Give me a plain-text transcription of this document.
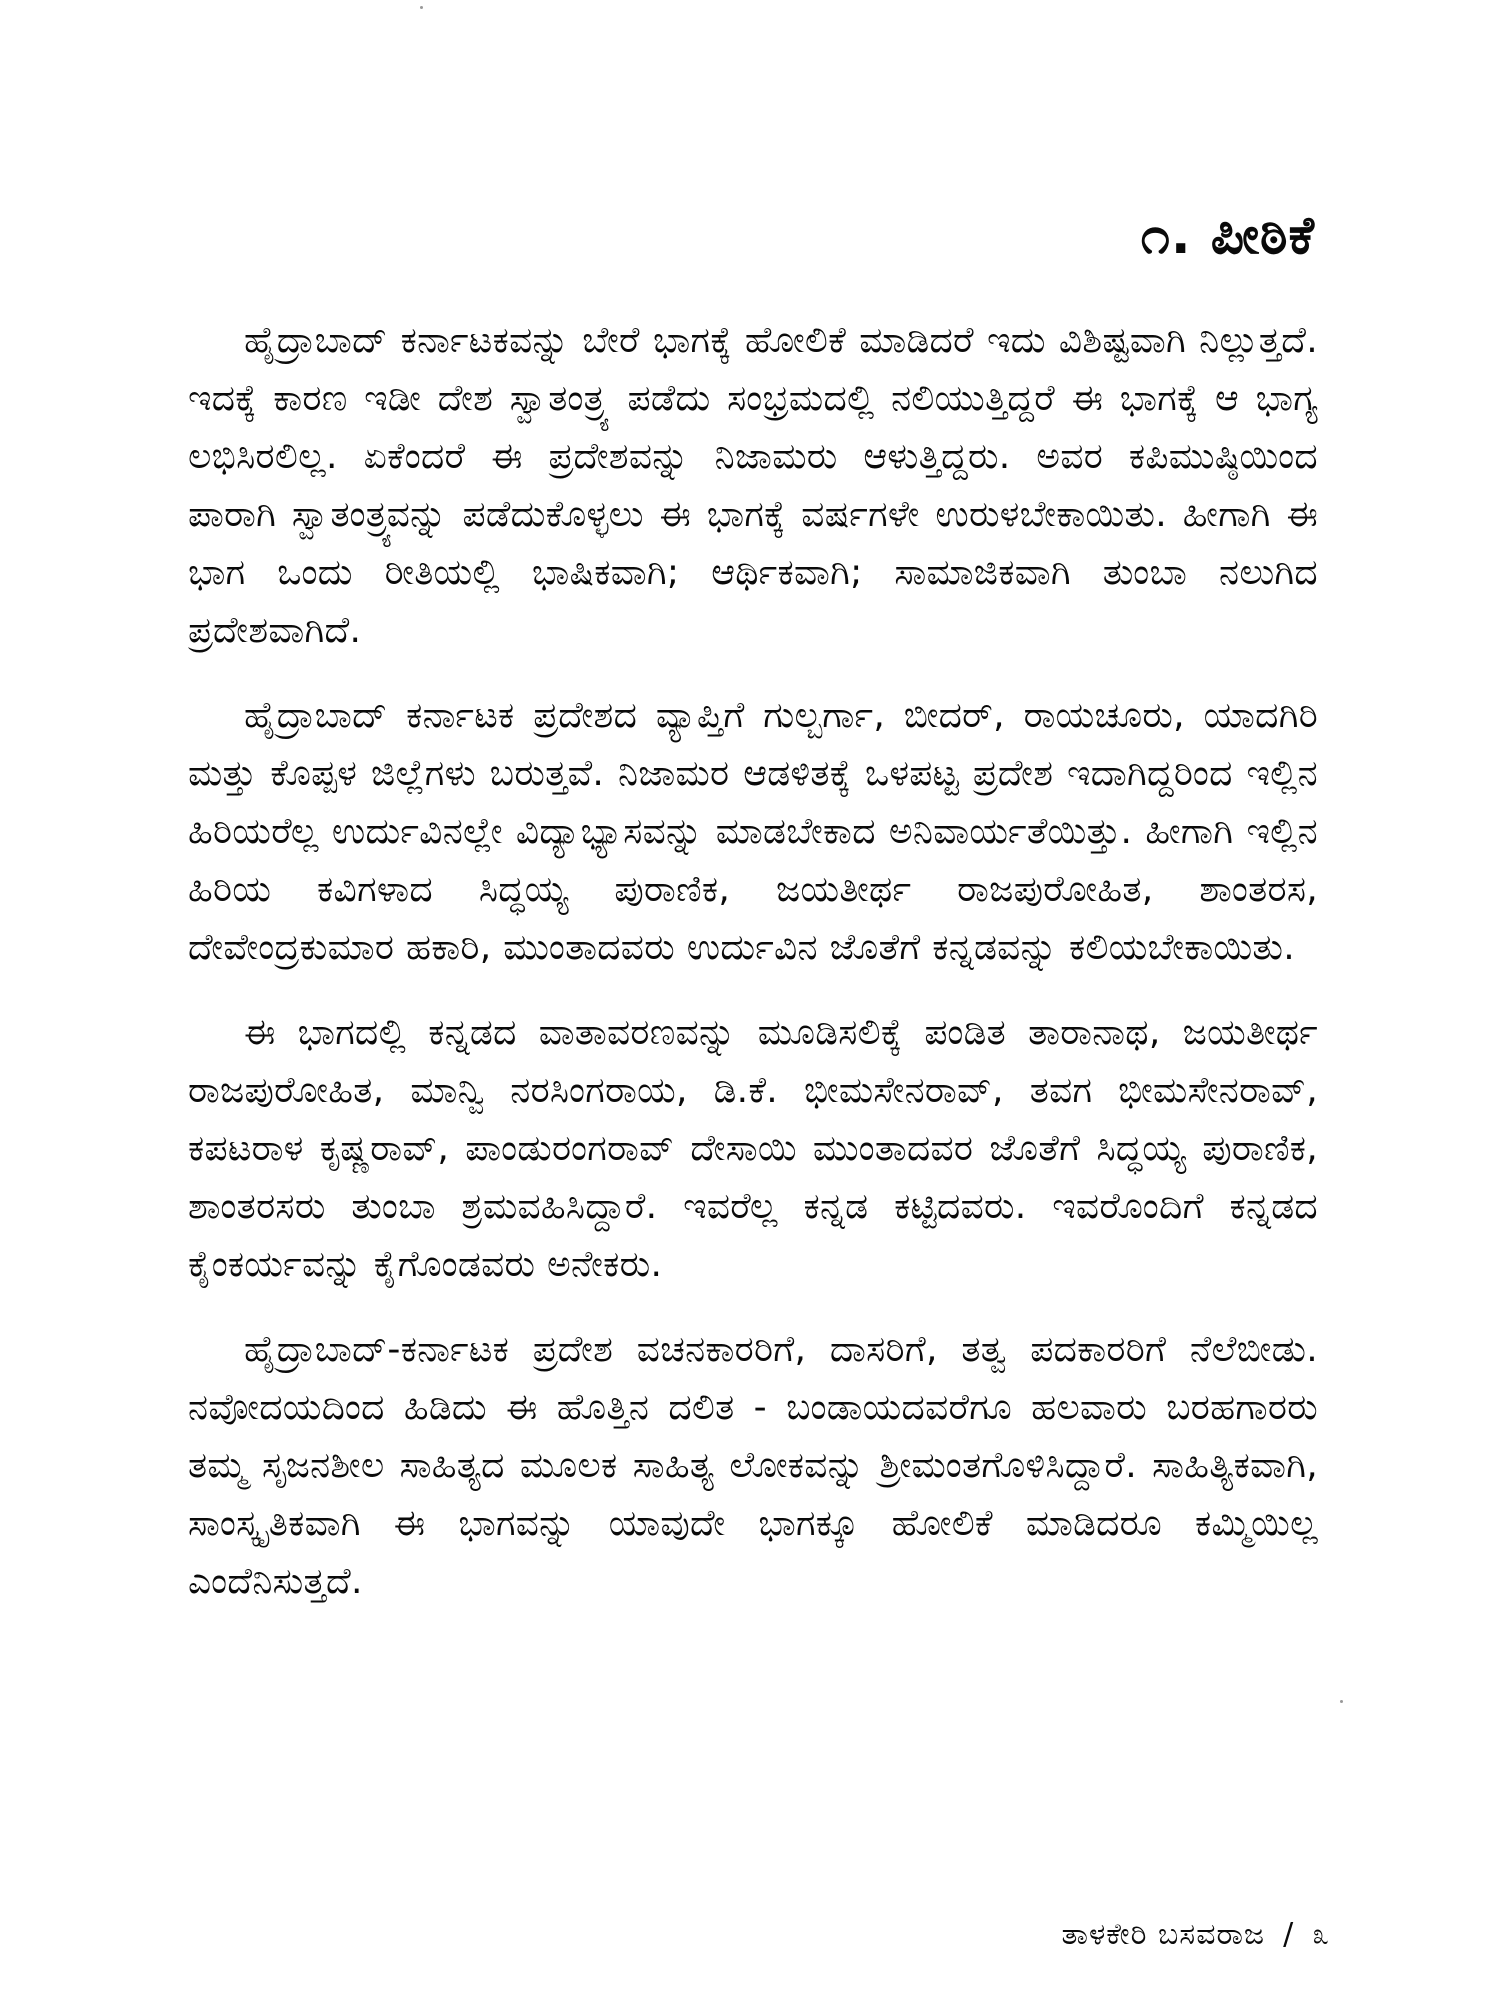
೧. ಪೀಠಿಕೆ

ಹೈದ್ರಾಬಾದ್ ಕರ್ನಾಟಕವನ್ನು ಬೇರೆ ಭಾಗಕ್ಕೆ ಹೋಲಿಕೆ ಮಾಡಿದರೆ ಇದು ವಿಶಿಷ್ಟವಾಗಿ ನಿಲ್ಲುತ್ತದೆ. ಇದಕ್ಕೆ ಕಾರಣ ಇಡೀ ದೇಶ ಸ್ವಾತಂತ್ರ್ಯ ಪಡೆದು ಸಂಭ್ರಮದಲ್ಲಿ ನಲಿಯುತ್ತಿದ್ದರೆ ಈ ಭಾಗಕ್ಕೆ ಆ ಭಾಗ್ಯ ಲಭಿಸಿರಲಿಲ್ಲ. ಏಕೆಂದರೆ ಈ ಪ್ರದೇಶವನ್ನು ನಿಜಾಮರು ಆಳುತ್ತಿದ್ದರು. ಅವರ ಕಪಿಮುಷ್ಠಿಯಿಂದ ಪಾರಾಗಿ ಸ್ವಾತಂತ್ರ್ಯವನ್ನು ಪಡೆದುಕೊಳ್ಳಲು ಈ ಭಾಗಕ್ಕೆ ವರ್ಷಗಳೇ ಉರುಳಬೇಕಾಯಿತು. ಹೀಗಾಗಿ ಈ ಭಾಗ ಒಂದು ರೀತಿಯಲ್ಲಿ ಭಾಷಿಕವಾಗಿ; ಆರ್ಥಿಕವಾಗಿ; ಸಾಮಾಜಿಕವಾಗಿ ತುಂಬಾ ನಲುಗಿದ ಪ್ರದೇಶವಾಗಿದೆ.

ಹೈದ್ರಾಬಾದ್ ಕರ್ನಾಟಕ ಪ್ರದೇಶದ ವ್ಯಾಪ್ತಿಗೆ ಗುಲ್ಬರ್ಗಾ, ಬೀದರ್, ರಾಯಚೂರು, ಯಾದಗಿರಿ ಮತ್ತು ಕೊಪ್ಪಳ ಜಿಲ್ಲೆಗಳು ಬರುತ್ತವೆ. ನಿಜಾಮರ ಆಡಳಿತಕ್ಕೆ ಒಳಪಟ್ಟ ಪ್ರದೇಶ ಇದಾಗಿದ್ದರಿಂದ ಇಲ್ಲಿನ ಹಿರಿಯರೆಲ್ಲ ಉರ್ದುವಿನಲ್ಲೇ ವಿದ್ಯಾಭ್ಯಾಸವನ್ನು ಮಾಡಬೇಕಾದ ಅನಿವಾರ್ಯತೆಯಿತ್ತು. ಹೀಗಾಗಿ ಇಲ್ಲಿನ ಹಿರಿಯ ಕವಿಗಳಾದ ಸಿದ್ಧಯ್ಯ ಪುರಾಣಿಕ, ಜಯತೀರ್ಥ ರಾಜಪುರೋಹಿತ, ಶಾಂತರಸ, ದೇವೇಂದ್ರಕುಮಾರ ಹಕಾರಿ, ಮುಂತಾದವರು ಉರ್ದುವಿನ ಜೊತೆಗೆ ಕನ್ನಡವನ್ನು ಕಲಿಯಬೇಕಾಯಿತು.

ಈ ಭಾಗದಲ್ಲಿ ಕನ್ನಡದ ವಾತಾವರಣವನ್ನು ಮೂಡಿಸಲಿಕ್ಕೆ ಪಂಡಿತ ತಾರಾನಾಥ, ಜಯತೀರ್ಥ ರಾಜಪುರೋಹಿತ, ಮಾನ್ವಿ ನರಸಿಂಗರಾಯ, ಡಿ.ಕೆ. ಭೀಮಸೇನರಾವ್, ತವಗ ಭೀಮಸೇನರಾವ್, ಕಪಟರಾಳ ಕೃಷ್ಣರಾವ್, ಪಾಂಡುರಂಗರಾವ್ ದೇಸಾಯಿ ಮುಂತಾದವರ ಜೊತೆಗೆ ಸಿದ್ಧಯ್ಯ ಪುರಾಣಿಕ, ಶಾಂತರಸರು ತುಂಬಾ ಶ್ರಮವಹಿಸಿದ್ದಾರೆ. ಇವರೆಲ್ಲ ಕನ್ನಡ ಕಟ್ಟಿದವರು. ಇವರೊಂದಿಗೆ ಕನ್ನಡದ ಕೈಂಕರ್ಯವನ್ನು ಕೈಗೊಂಡವರು ಅನೇಕರು.

ಹೈದ್ರಾಬಾದ್-ಕರ್ನಾಟಕ ಪ್ರದೇಶ ವಚನಕಾರರಿಗೆ, ದಾಸರಿಗೆ, ತತ್ವ ಪದಕಾರರಿಗೆ ನೆಲೆಬೀಡು. ನವೋದಯದಿಂದ ಹಿಡಿದು ಈ ಹೊತ್ತಿನ ದಲಿತ - ಬಂಡಾಯದವರೆಗೂ ಹಲವಾರು ಬರಹಗಾರರು ತಮ್ಮ ಸೃಜನಶೀಲ ಸಾಹಿತ್ಯದ ಮೂಲಕ ಸಾಹಿತ್ಯ ಲೋಕವನ್ನು ಶ್ರೀಮಂತಗೊಳಿಸಿದ್ದಾರೆ. ಸಾಹಿತ್ಯಿಕವಾಗಿ, ಸಾಂಸ್ಕೃತಿಕವಾಗಿ ಈ ಭಾಗವನ್ನು ಯಾವುದೇ ಭಾಗಕ್ಕೂ ಹೋಲಿಕೆ ಮಾಡಿದರೂ ಕಮ್ಮಿಯಿಲ್ಲ ಎಂದೆನಿಸುತ್ತದೆ.

ತಾಳಕೇರಿ ಬಸವರಾಜ / ೩
